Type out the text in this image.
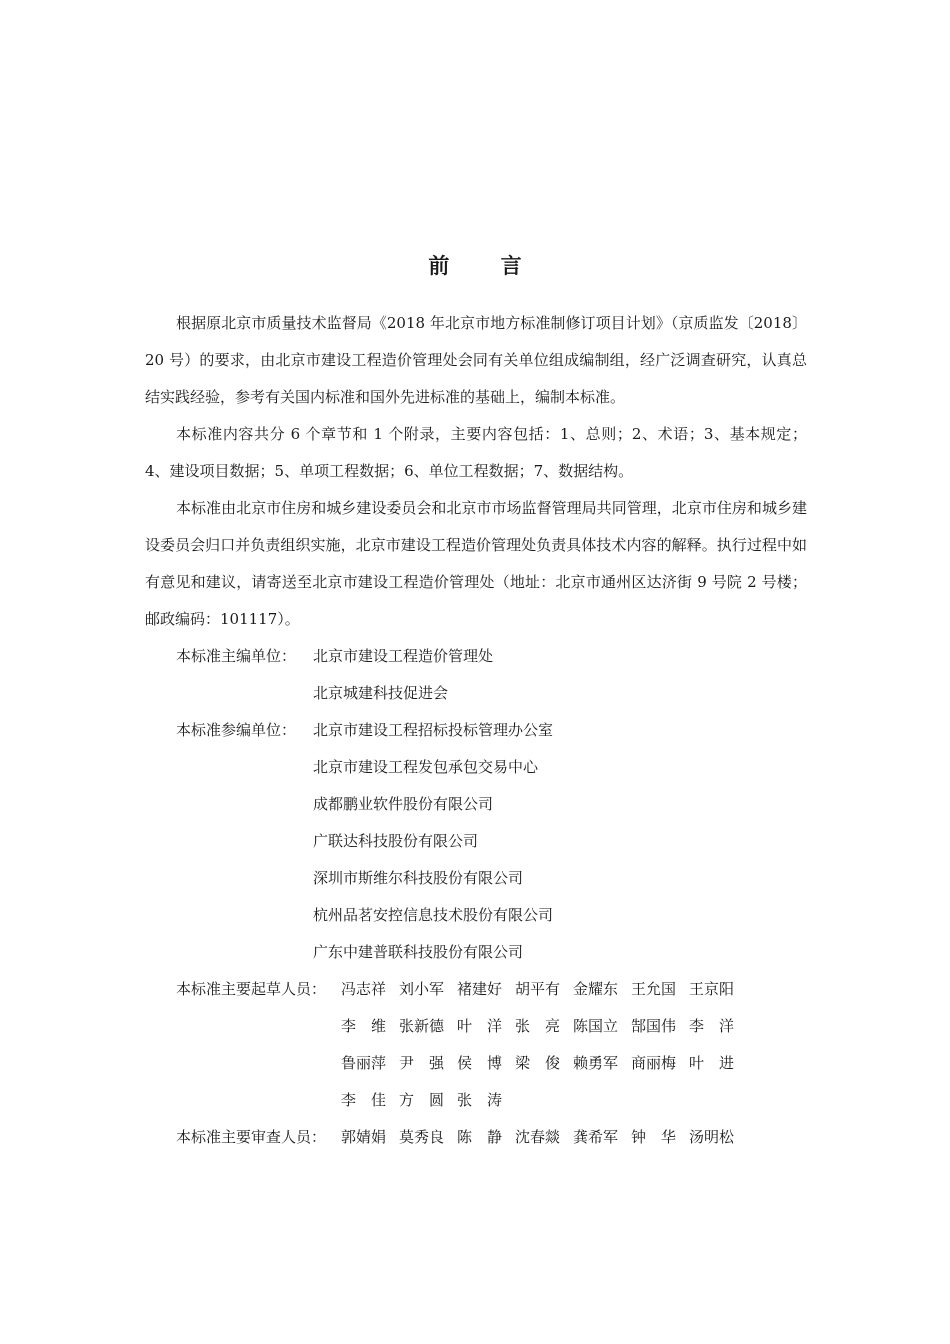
前 言

根据原北京市质量技术监督局《2018 年北京市地方标准制修订项目计划》（京质监发〔2018〕20 号）的要求，由北京市建设工程造价管理处会同有关单位组成编制组，经广泛调查研究，认真总结实践经验，参考有关国内标准和国外先进标准的基础上，编制本标准。

本标准内容共分 6 个章节和 1 个附录，主要内容包括：1、总则；2、术语；3、基本规定；4、建设项目数据；5、单项工程数据；6、单位工程数据；7、数据结构。

本标准由北京市住房和城乡建设委员会和北京市市场监督管理局共同管理，北京市住房和城乡建设委员会归口并负责组织实施，北京市建设工程造价管理处负责具体技术内容的解释。执行过程中如有意见和建议，请寄送至北京市建设工程造价管理处（地址：北京市通州区达济街 9 号院 2 号楼；邮政编码：101117）。

本标准主编单位：	北京市建设工程造价管理处
北京城建科技促进会
本标准参编单位：	北京市建设工程招标投标管理办公室
北京市建设工程发包承包交易中心
成都鹏业软件股份有限公司
广联达科技股份有限公司
深圳市斯维尔科技股份有限公司
杭州品茗安控信息技术股份有限公司
广东中建普联科技股份有限公司
本标准主要起草人员： 冯志祥 刘小军 褚建好 胡平有 金耀东 王允国 王京阳
李　维 张新德 叶　洋 张　亮 陈国立 郜国伟 李　洋
鲁丽萍 尹　强 侯　博 梁　俊 赖勇军 商丽梅 叶　进
李　佳 方　圆 张　涛
本标准主要审查人员： 郭婧娟 莫秀良 陈　静 沈春燚 龚希军 钟　华 汤明松
